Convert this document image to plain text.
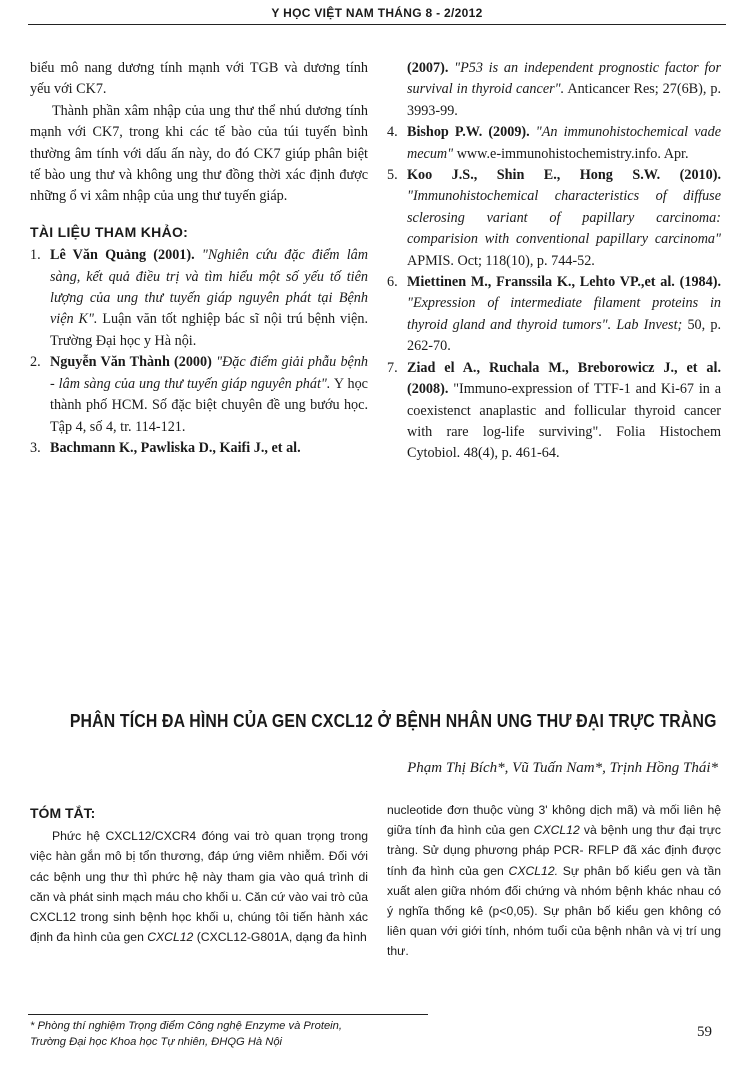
Y HỌC VIỆT NAM THÁNG 8 - 2/2012

biểu mô nang dương tính mạnh với TGB và dương tính yếu với CK7.

Thành phần xâm nhập của ung thư thể nhú dương tính mạnh với CK7, trong khi các tế bào của túi tuyến bình thường âm tính với dấu ấn này, do đó CK7 giúp phân biệt tế bào ung thư và không ung thư đồng thời xác định được những ổ vi xâm nhập của ung thư tuyến giáp.

TÀI LIỆU THAM KHẢO:
1. Lê Văn Quảng (2001). "Nghiên cứu đặc điểm lâm sàng, kết quả điều trị và tìm hiểu một số yếu tố tiên lượng của ung thư tuyến giáp nguyên phát tại Bệnh viện K". Luận văn tốt nghiệp bác sĩ nội trú bệnh viện. Trường Đại học y Hà nội.
2. Nguyễn Văn Thành (2000) "Đặc điểm giải phẫu bệnh - lâm sàng của ung thư tuyến giáp nguyên phát". Y học thành phố HCM. Số đặc biệt chuyên đề ung bướu học. Tập 4, số 4, tr. 114-121.
3. Bachmann K., Pawliska D., Kaifi J., et al.
(2007). "P53 is an independent prognostic factor for survival in thyroid cancer". Anticancer Res; 27(6B), p. 3993-99.
4. Bishop P.W. (2009). "An immunohistochemical vade mecum" www.e-immunohistochemistry.info. Apr.
5. Koo J.S., Shin E., Hong S.W. (2010). "Immunohistochemical characteristics of diffuse sclerosing variant of papillary carcinoma: comparision with conventional papillary carcinoma" APMIS. Oct; 118(10), p. 744-52.
6. Miettinen M., Franssila K., Lehto VP.,et al. (1984). "Expression of intermediate filament proteins in thyroid gland and thyroid tumors". Lab Invest; 50, p. 262-70.
7. Ziad el A., Ruchala M., Breborowicz J., et al. (2008). "Immuno-expression of TTF-1 and Ki-67 in a coexistenct anaplastic and follicular thyroid cancer with rare log-life surviving". Folia Histochem Cytobiol. 48(4), p. 461-64.
PHÂN TÍCH ĐA HÌNH CỦA GEN CXCL12 Ở BỆNH NHÂN UNG THƯ ĐẠI TRỰC TRÀNG
Phạm Thị Bích*, Vũ Tuấn Nam*, Trịnh Hồng Thái*
TÓM TẮT:

Phức hệ CXCL12/CXCR4 đóng vai trò quan trọng trong việc hàn gắn mô bị tổn thương, đáp ứng viêm nhiễm. Đối với các bệnh ung thư thì phức hệ này tham gia vào quá trình di căn và phát sinh mạch máu cho khối u. Căn cứ vào vai trò của CXCL12 trong sinh bệnh học khối u, chúng tôi tiến hành xác định đa hình của gen CXCL12 (CXCL12-G801A, dạng đa hình

nucleotide đơn thuộc vùng 3' không dịch mã) và mối liên hệ giữa tính đa hình của gen CXCL12 và bệnh ung thư đại trực tràng. Sử dụng phương pháp PCR- RFLP đã xác định được tính đa hình của gen CXCL12. Sự phân bố kiểu gen và tần xuất alen giữa nhóm đối chứng và nhóm bệnh khác nhau có ý nghĩa thống kê (p<0,05). Sự phân bố kiểu gen không có liên quan với giới tính, nhóm tuổi của bệnh nhân và vị trí ung thư.

* Phòng thí nghiệm Trọng điểm Công nghệ Enzyme và Protein,
Trường Đại học Khoa học Tự nhiên, ĐHQG Hà Nội
59
